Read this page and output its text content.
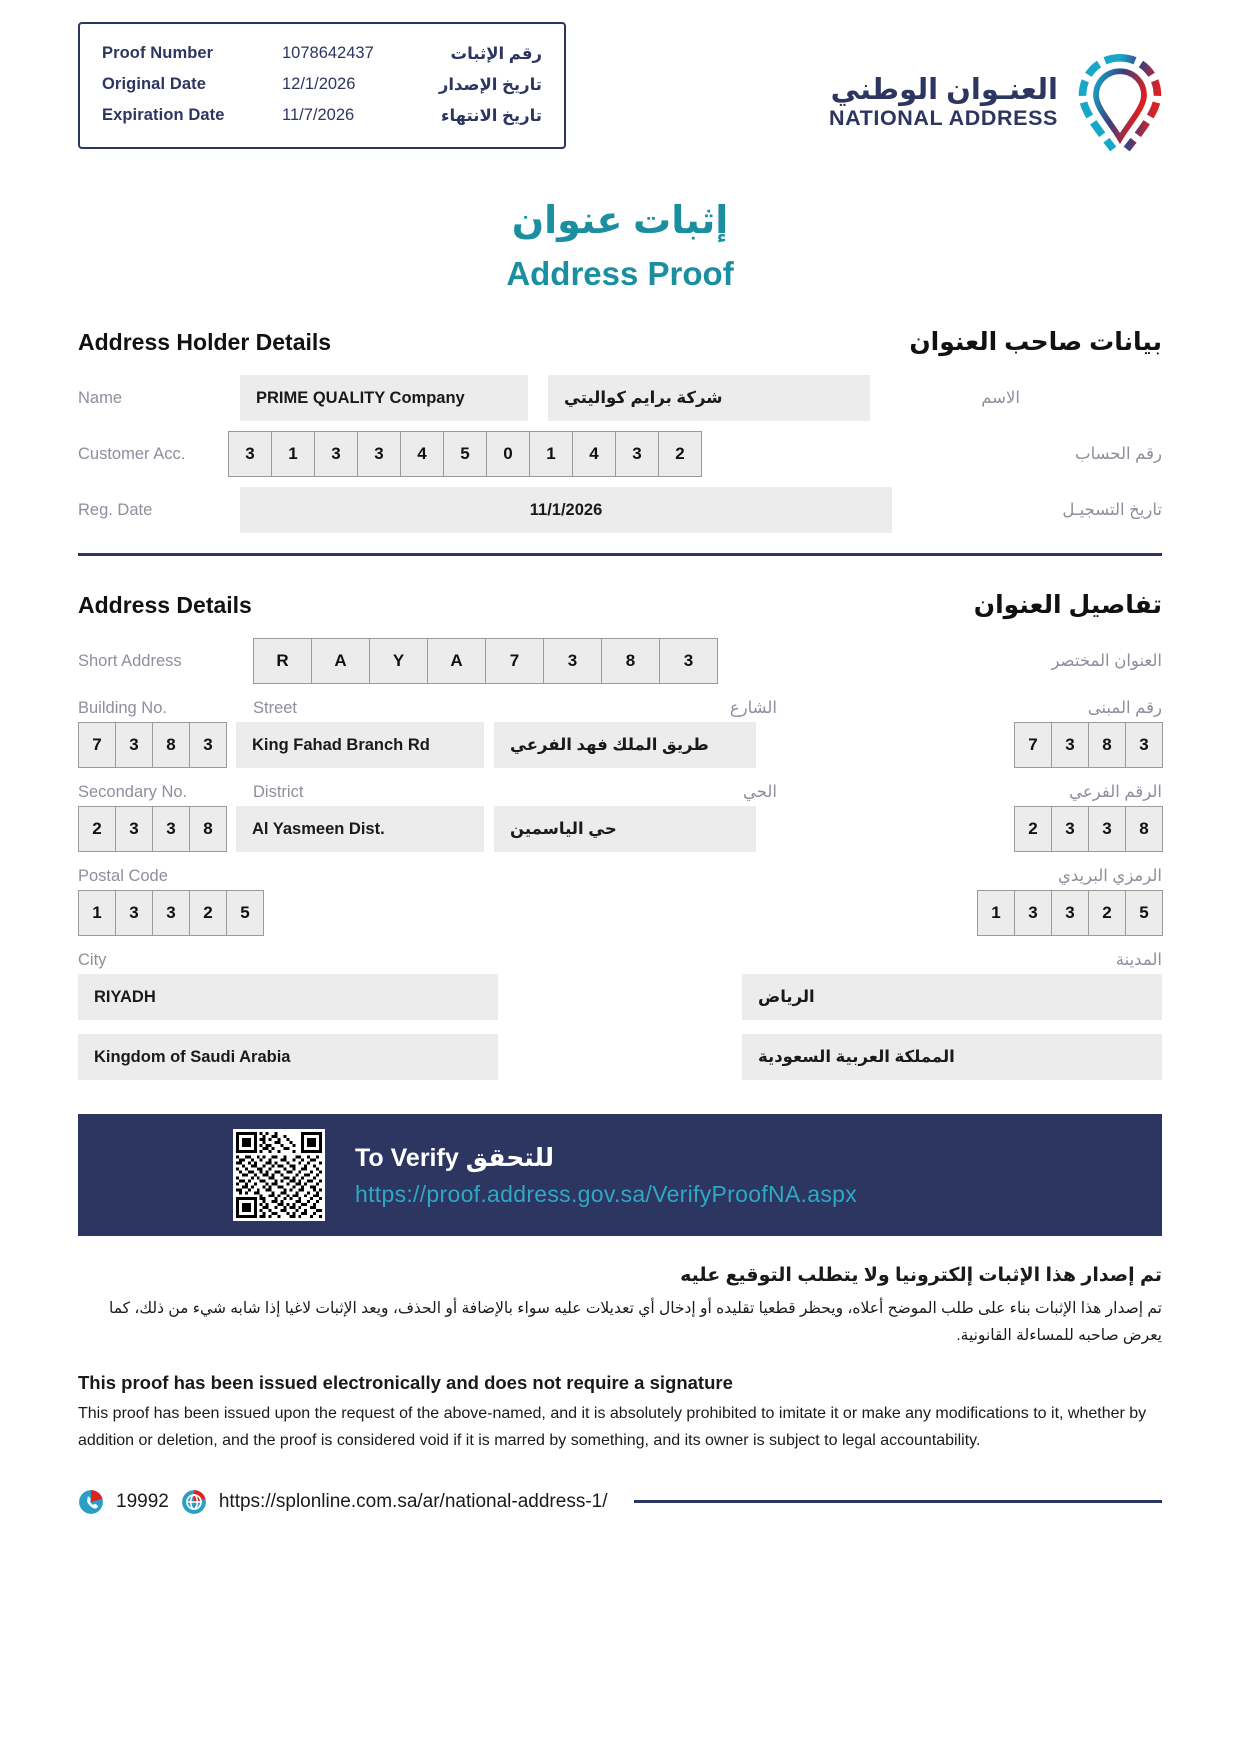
Proof Number	1078642437	رقم الإثبات
Original Date	12/1/2026	تاريخ الإصدار
Expiration Date	11/7/2026	تاريخ الانتهاء
العنـوان الوطني
NATIONAL ADDRESS
إثبات عنوان
Address Proof
Address Holder Details	بيانات صاحب العنوان
Name	PRIME QUALITY Company	شركة برايم كواليتي	الاسم
Customer Acc.	3	1	3	3	4	5	0	1	4	3	2	رقم الحساب
Reg. Date	11/1/2026	تاريخ التسجيـل
Address Details	تفاصيل العنوان
Short Address	R	A	Y	A	7	3	8	3	العنوان المختصر
Building No.	Street	الشارع	رقم المبنى
7	3	8	3	King Fahad Branch Rd	طريق الملك فهد الفرعي	7	3	8	3
Secondary No.	District	الحي	الرقم الفرعي
2	3	3	8	Al Yasmeen Dist.	حي الياسمين	2	3	3	8
Postal Code	الرمزي البريدي
1	3	3	2	5	1	3	3	2	5
City	المدينة
RIYADH	الرياض
Kingdom of Saudi Arabia	المملكة العربية السعودية
To Verify للتحقق
https://proof.address.gov.sa/VerifyProofNA.aspx
تم إصدار هذا الإثبات إلكترونيا ولا يتطلب التوقيع عليه
تم إصدار هذا الإثبات بناء على طلب الموضح أعلاه، ويحظر قطعيا تقليده أو إدخال أي تعديلات عليه سواء بالإضافة أو الحذف، ويعد الإثبات لاغيا إذا شابه شيء من ذلك، كما يعرض صاحبه للمساءلة القانونية.
This proof has been issued electronically and does not require a signature
This proof has been issued upon the request of the above-named, and it is absolutely prohibited to imitate it or make any modifications to it, whether by addition or deletion, and the proof is considered void if it is marred by something, and its owner is subject to legal accountability.
19992	https://splonline.com.sa/ar/national-address-1/
